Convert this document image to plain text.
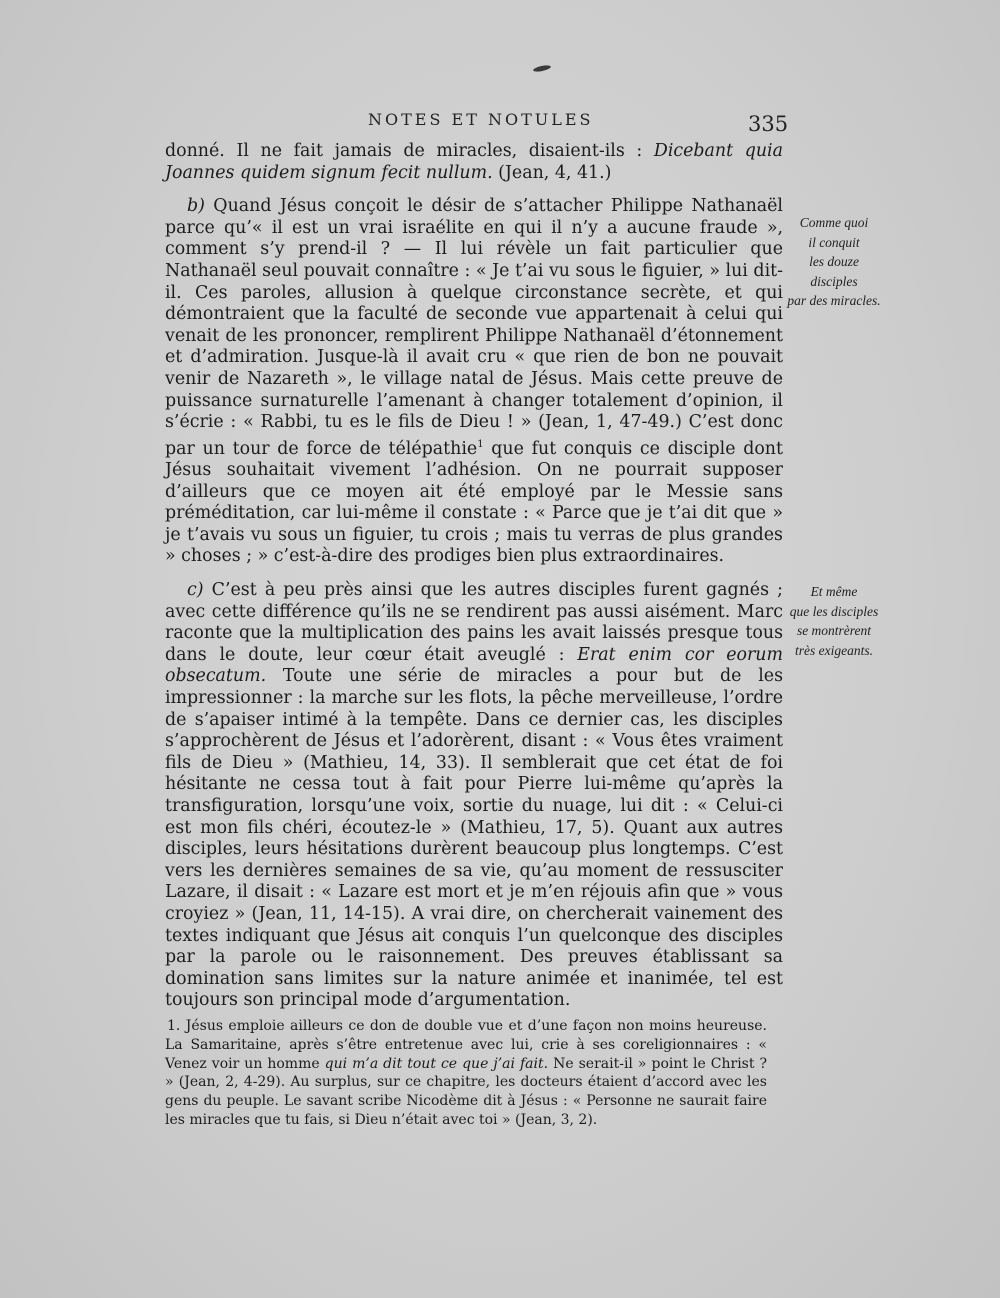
NOTES ET NOTULES	335

donné. Il ne fait jamais de miracles, disaient-ils : Dicebant quia Joannes quidem signum fecit nullum. (Jean, 4, 41.)

b) Quand Jésus conçoit le désir de s’attacher Philippe Nathanaël parce qu’« il est un vrai israélite en qui il n’y a aucune fraude », comment s’y prend-il ? — Il lui révèle un fait particulier que Nathanaël seul pouvait connaître : « Je t’ai vu sous le figuier, » lui dit-il. Ces paroles, allusion à quelque circonstance secrète, et qui démontraient que la faculté de seconde vue appartenait à celui qui venait de les prononcer, remplirent Philippe Nathanaël d’étonnement et d’admiration. Jusque-là il avait cru « que rien de bon ne pouvait venir de Nazareth », le village natal de Jésus. Mais cette preuve de puissance surnaturelle l’amenant à changer totalement d’opinion, il s’écrie : « Rabbi, tu es le fils de Dieu ! » (Jean, 1, 47-49.) C’est donc par un tour de force de télépathie$^1$ que fut conquis ce disciple dont Jésus souhaitait vivement l’adhésion. On ne pourrait supposer d’ailleurs que ce moyen ait été employé par le Messie sans préméditation, car lui-même il constate : « Parce que je t’ai dit que » je t’avais vu sous un figuier, tu crois ; mais tu verras de plus grandes » choses ; » c’est-à-dire des prodiges bien plus extraordinaires.

c) C’est à peu près ainsi que les autres disciples furent gagnés ; avec cette différence qu’ils ne se rendirent pas aussi aisément. Marc raconte que la multiplication des pains les avait laissés presque tous dans le doute, leur cœur était aveuglé : Erat enim cor eorum obsecatum. Toute une série de miracles a pour but de les impressionner : la marche sur les flots, la pêche merveilleuse, l’ordre de s’apaiser intimé à la tempête. Dans ce dernier cas, les disciples s’approchèrent de Jésus et l’adorèrent, disant : « Vous êtes vraiment fils de Dieu » (Mathieu, 14, 33). Il semblerait que cet état de foi hésitante ne cessa tout à fait pour Pierre lui-même qu’après la transfiguration, lorsqu’une voix, sortie du nuage, lui dit : « Celui-ci est mon fils chéri, écoutez-le » (Mathieu, 17, 5). Quant aux autres disciples, leurs hésitations durèrent beaucoup plus longtemps. C’est vers les dernières semaines de sa vie, qu’au moment de ressusciter Lazare, il disait : « Lazare est mort et je m’en réjouis afin que » vous croyiez » (Jean, 11, 14-15). A vrai dire, on chercherait vainement des textes indiquant que Jésus ait conquis l’un quelconque des disciples par la parole ou le raisonnement. Des preuves établissant sa domination sans limites sur la nature animée et inanimée, tel est toujours son principal mode d’argumentation.

Comme quoi
il conquit
les douze disciples
par des miracles.
Et même
que les disciples
se montrèrent
très exigeants.

1. Jésus emploie ailleurs ce don de double vue et d’une façon non moins heureuse. La Samaritaine, après s’être entretenue avec lui, crie à ses coreligionnaires : « Venez voir un homme qui m’a dit tout ce que j’ai fait. Ne serait-il » point le Christ ? » (Jean, 2, 4-29). Au surplus, sur ce chapitre, les docteurs étaient d’accord avec les gens du peuple. Le savant scribe Nicodème dit à Jésus : « Personne ne saurait faire les miracles que tu fais, si Dieu n’était avec toi » (Jean, 3, 2).
